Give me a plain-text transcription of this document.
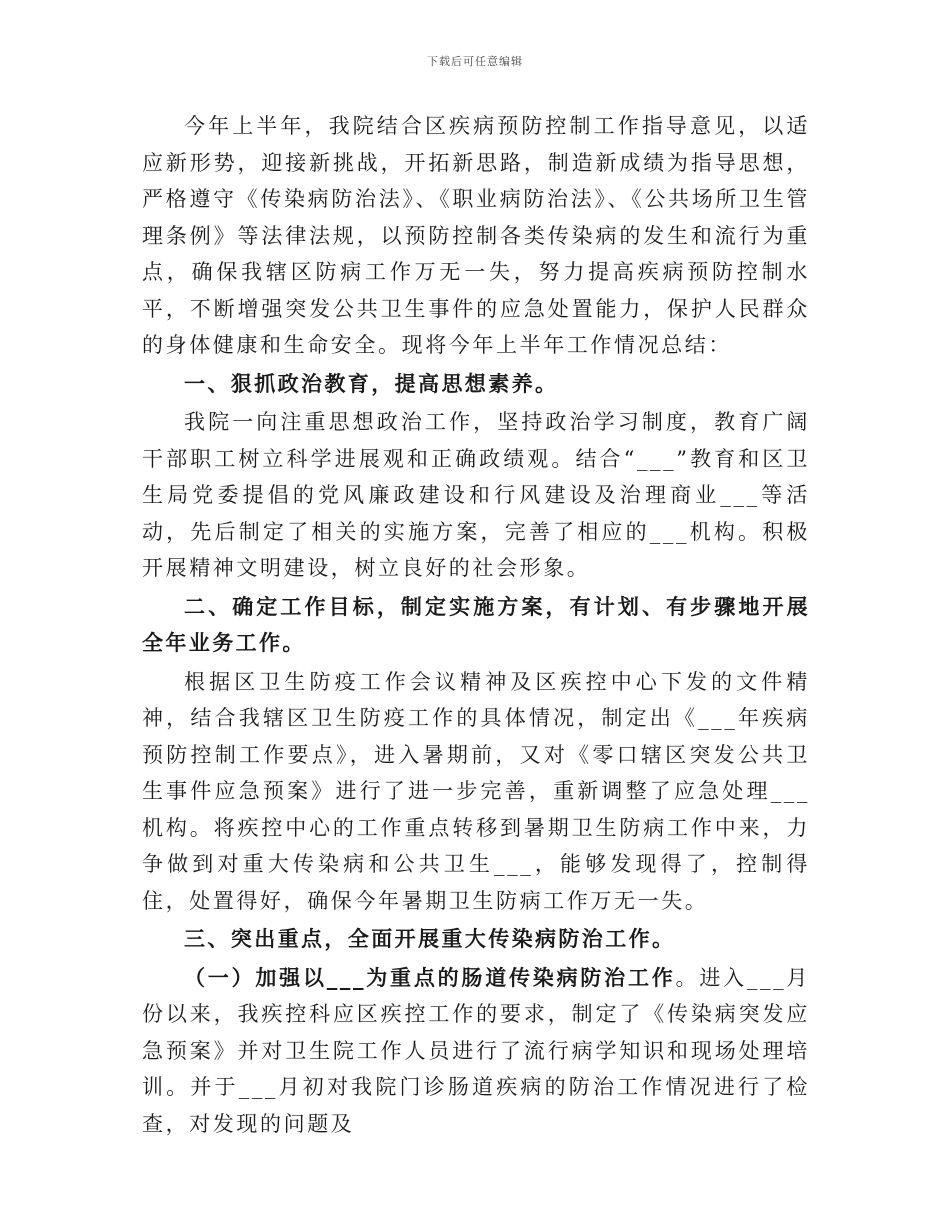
下载后可任意编辑

今年上半年，我院结合区疾病预防控制工作指导意见，以适应新形势，迎接新挑战，开拓新思路，制造新成绩为指导思想，严格遵守《传染病防治法》、《职业病防治法》、《公共场所卫生管理条例》等法律法规，以预防控制各类传染病的发生和流行为重点，确保我辖区防病工作万无一失，努力提高疾病预防控制水平，不断增强突发公共卫生事件的应急处置能力，保护人民群众的身体健康和生命安全。现将今年上半年工作情况总结：

一、狠抓政治教育，提高思想素养。

我院一向注重思想政治工作，坚持政治学习制度，教育广阔干部职工树立科学进展观和正确政绩观。结合“___”教育和区卫生局党委提倡的党风廉政建设和行风建设及治理商业___等活动，先后制定了相关的实施方案，完善了相应的___机构。积极开展精神文明建设，树立良好的社会形象。

二、确定工作目标，制定实施方案，有计划、有步骤地开展全年业务工作。

根据区卫生防疫工作会议精神及区疾控中心下发的文件精神，结合我辖区卫生防疫工作的具体情况，制定出《___年疾病预防控制工作要点》，进入暑期前，又对《零口辖区突发公共卫生事件应急预案》进行了进一步完善，重新调整了应急处理___机构。将疾控中心的工作重点转移到暑期卫生防病工作中来，力争做到对重大传染病和公共卫生___，能够发现得了，控制得住，处置得好，确保今年暑期卫生防病工作万无一失。

三、突出重点，全面开展重大传染病防治工作。

（一）加强以___为重点的肠道传染病防治工作。进入___月份以来，我疾控科应区疾控工作的要求，制定了《传染病突发应急预案》并对卫生院工作人员进行了流行病学知识和现场处理培训。并于___月初对我院门诊肠道疾病的防治工作情况进行了检查，对发现的问题及
